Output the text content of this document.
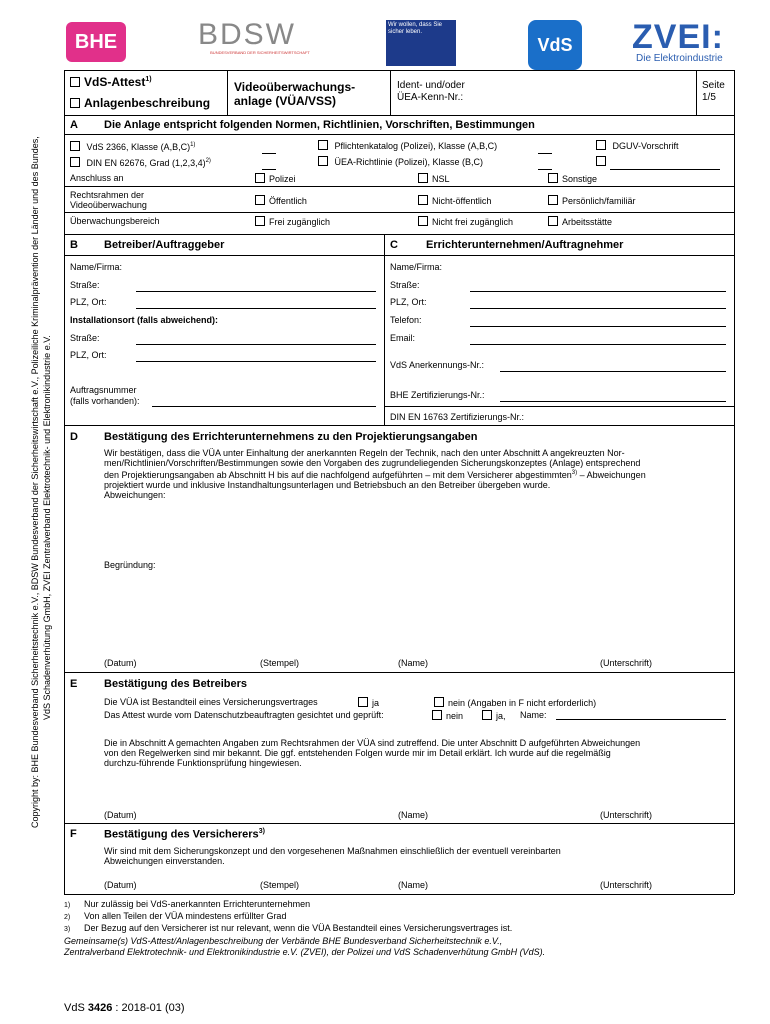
BHE	BDSW
BUNDESVERBAND DER SICHERHEITSWIRTSCHAFT
Wir wollen, dass Sie sicher leben.
VdS ZVEI:
Die Elektroindustrie
Copyright by: BHE Bundesverband Sicherheitstechnik e.V., BDSW Bundesverband der Sicherheitswirtschaft e.V., Polizeiliche Kriminalprävention der Länder und des Bundes, VdS Schadenverhütung GmbH, ZVEI Zentralverband Elektrotechnik- und Elektronikindustrie e.V.
VdS-Attest$^{1)}$
Anlagenbeschreibung
Videoüberwachungs-
anlage (VÜA/VSS)
Ident- und/oder
ÜEA-Kenn-Nr.:
Seite
1/5
A Die Anlage entspricht folgenden Normen, Richtlinien, Vorschriften, Bestimmungen
VdS 2366, Klasse $(A,B,C)^{1)}$	Pflichtenkatalog (Polizei), Klasse (A,B,C)	DGUV-Vorschrift
DIN EN 62676, Grad $(1,2,3,4)^{2)}$	ÜEA-Richtlinie (Polizei), Klasse (B,C)
Anschluss an	Polizei	NSL	Sonstige
Rechtsrahmen der
Videoüberwachung	Öffentlich	Nicht-öffentlich	Persönlich/familiär
Überwachungsbereich	Frei zugänglich	Nicht frei zugänglich	Arbeitsstätte
B Betreiber/Auftraggeber	C	Errichterunternehmen/Auftragnehmer
Name/Firma:
Straße:
PLZ, Ort:
Installationsort (falls abweichend):
Straße:
PLZ, Ort:
Auftragsnummer
(falls vorhanden):
Name/Firma:
Straße:
PLZ, Ort:
Telefon:
Email:
VdS Anerkennungs-Nr.:
BHE Zertifizierungs-Nr.:
DIN EN 16763 Zertifizierungs-Nr.:
D Bestätigung des Errichterunternehmens zu den Projektierungsangaben
Wir bestätigen, dass die VÜA unter Einhaltung der anerkannten Regeln der Technik, nach den unter Abschnitt A angekreuzten Nor-
men/Richtlinien/Vorschriften/Bestimmungen sowie den Vorgaben des zugrundeliegenden Sicherungskonzeptes (Anlage) entsprechend
den Projektierungsangaben ab Abschnitt H bis auf die nachfolgend aufgeführten – mit dem Versicherer abgestimmten$^{3)}$ – Abweichungen
projektiert wurde und inklusive Instandhaltungsunterlagen und Betriebsbuch an den Betreiber übergeben wurde.
Abweichungen:
Begründung:
(Datum)	(Stempel)	(Name)	(Unterschrift)
E Bestätigung des Betreibers
Die VÜA ist Bestandteil eines Versicherungsvertrages	ja	nein (Angaben in F nicht erforderlich)
Das Attest wurde vom Datenschutzbeauftragten gesichtet und geprüft:	nein	ja, Name:
Die in Abschnitt A gemachten Angaben zum Rechtsrahmen der VÜA sind zutreffend. Die unter Abschnitt D aufgeführten Abweichungen
von den Regelwerken sind mir bekannt. Die ggf. entstehenden Folgen wurde mir im Detail erklärt. Ich wurde auf die regelmäßig
durchzu-führende Funktionsprüfung hingewiesen.
(Datum)	(Name)	(Unterschrift)
F Bestätigung des Versicherers$^{3)}$
Wir sind mit dem Sicherungskonzept und den vorgesehenen Maßnahmen einschließlich der eventuell vereinbarten
Abweichungen einverstanden.
(Datum)	(Stempel)	(Name)	(Unterschrift)
1) Nur zulässig bei VdS-anerkannten Errichterunternehmen
2) Von allen Teilen der VÜA mindestens erfüllter Grad
3) Der Bezug auf den Versicherer ist nur relevant, wenn die VÜA Bestandteil eines Versicherungsvertrages ist.
Gemeinsame(s) VdS-Attest/Anlagenbeschreibung der Verbände BHE Bundesverband Sicherheitstechnik e.V.,
Zentralverband Elektrotechnik- und Elektronikindustrie e.V. (ZVEI), der Polizei und VdS Schadenverhütung GmbH (VdS).
VdS 3426 : 2018-01 (03)
